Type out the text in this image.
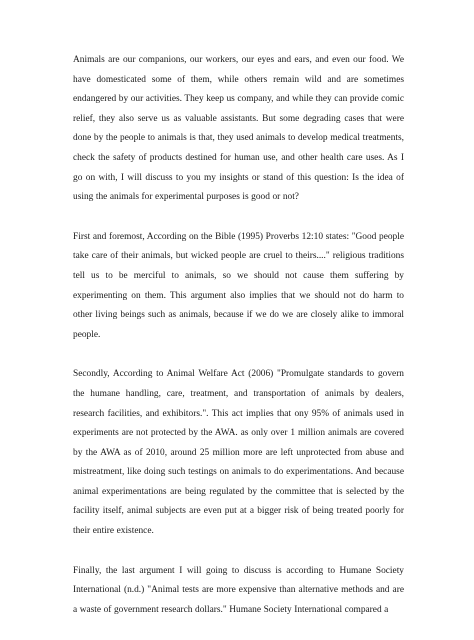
Animals are our companions, our workers, our eyes and ears, and even our food. We have domesticated some of them, while others remain wild and are sometimes endangered by our activities. They keep us company, and while they can provide comic relief, they also serve us as valuable assistants. But some degrading cases that were done by the people to animals is that, they used animals to develop medical treatments, check the safety of products destined for human use, and other health care uses. As I go on with, I will discuss to you my insights or stand of this question: Is the idea of using the animals for experimental purposes is good or not?

First and foremost, According on the Bible (1995) Proverbs 12:10 states: "Good people take care of their animals, but wicked people are cruel to theirs...." religious traditions tell us to be merciful to animals, so we should not cause them suffering by experimenting on them. This argument also implies that we should not do harm to other living beings such as animals, because if we do we are closely alike to immoral people.

Secondly, According to Animal Welfare Act (2006) "Promulgate standards to govern the humane handling, care, treatment, and transportation of animals by dealers, research facilities, and exhibitors.". This act implies that ony 95% of animals used in experiments are not protected by the AWA. as only over 1 million animals are covered by the AWA as of 2010, around 25 million more are left unprotected from abuse and mistreatment, like doing such testings on animals to do experimentations. And because animal experimentations are being regulated by the committee that is selected by the facility itself, animal subjects are even put at a bigger risk of being treated poorly for their entire existence.

Finally, the last argument I will going to discuss is according to Humane Society International (n.d.) "Animal tests are more expensive than alternative methods and are a waste of government research dollars." Humane Society International compared a
